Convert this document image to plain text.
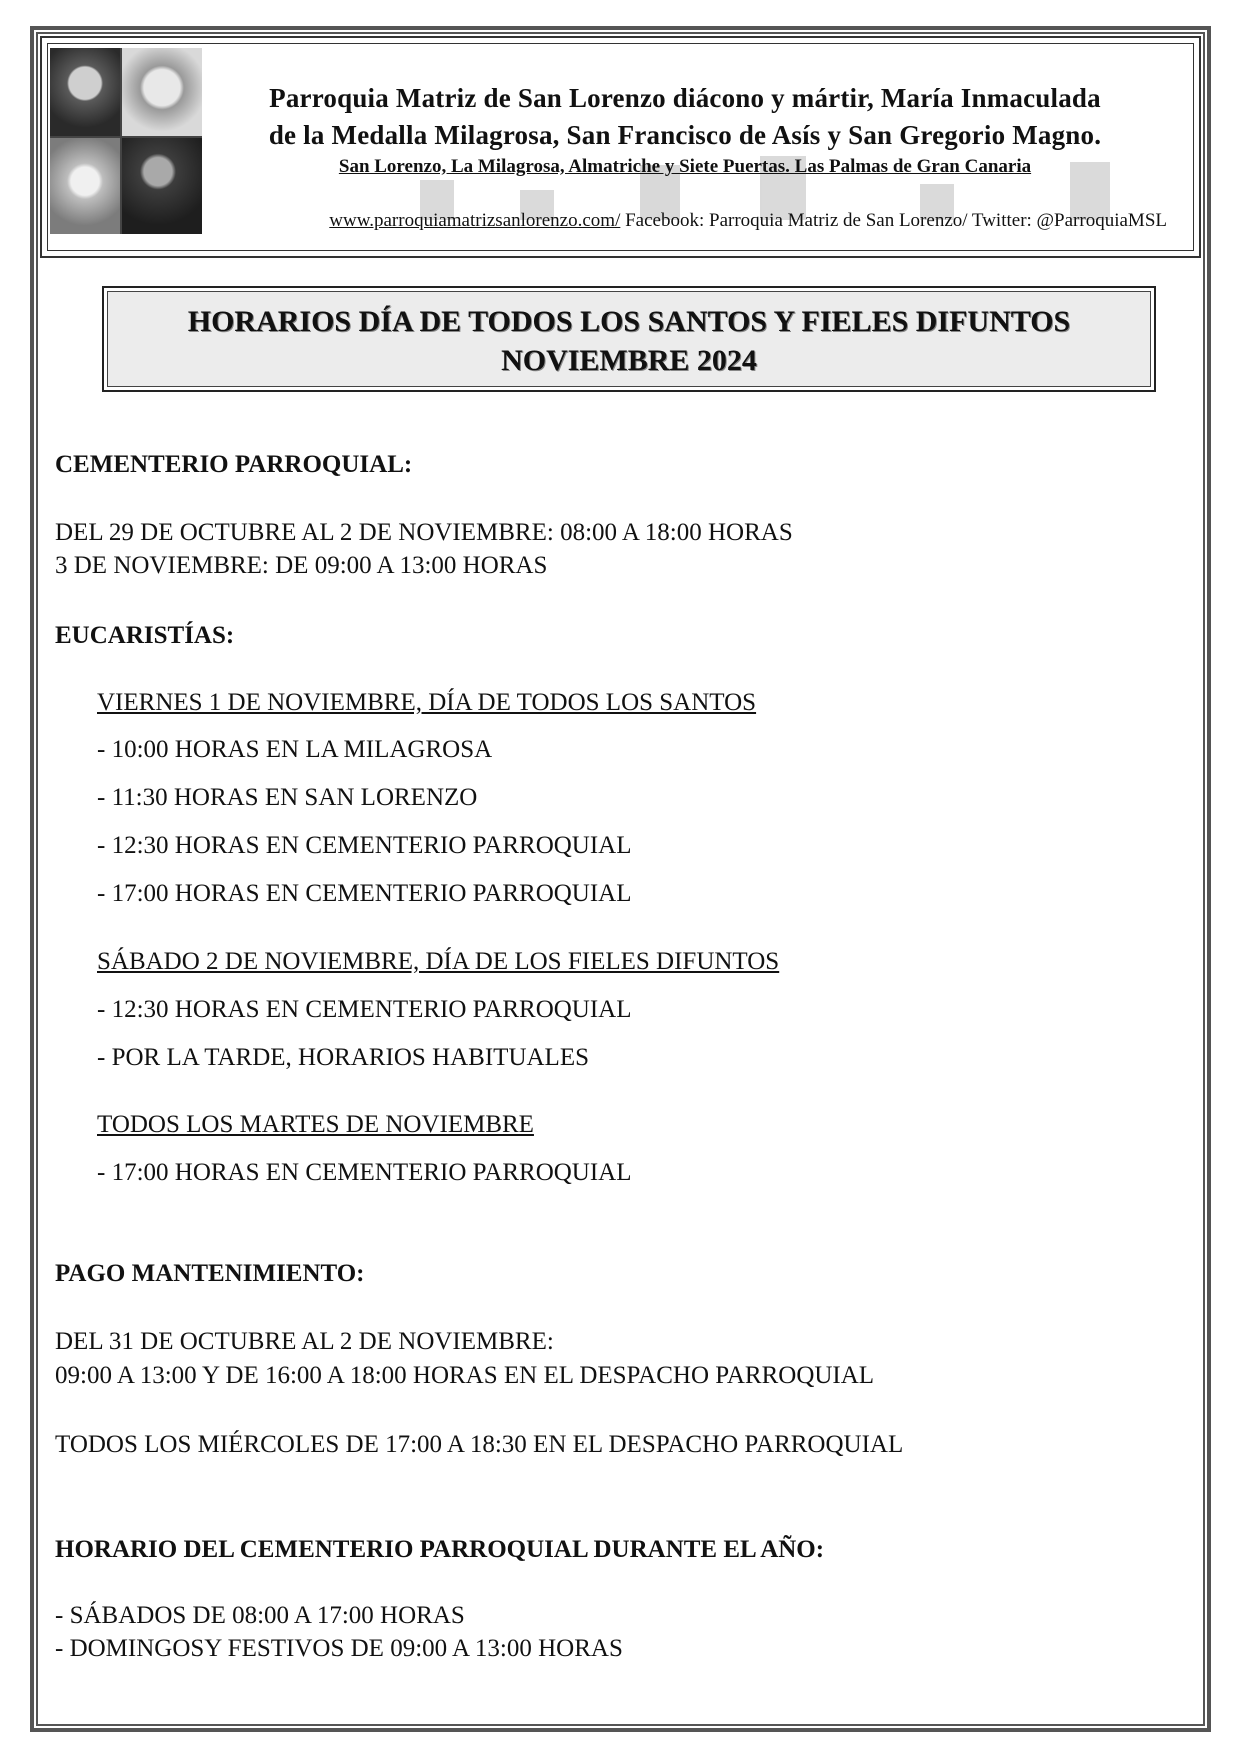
Parroquia Matriz de San Lorenzo diácono y mártir, María Inmaculada
de la Medalla Milagrosa, San Francisco de Asís y San Gregorio Magno.
San Lorenzo, La Milagrosa, Almatriche y Siete Puertas. Las Palmas de Gran Canaria
www.parroquiamatrizsanlorenzo.com/ Facebook: Parroquia Matriz de San Lorenzo/ Twitter: @ParroquiaMSL
HORARIOS DÍA DE TODOS LOS SANTOS Y FIELES DIFUNTOS
NOVIEMBRE 2024
CEMENTERIO PARROQUIAL:
DEL 29 DE OCTUBRE AL 2 DE NOVIEMBRE: 08:00 A 18:00 HORAS
3 DE NOVIEMBRE: DE 09:00 A 13:00 HORAS
EUCARISTÍAS:
VIERNES 1 DE NOVIEMBRE, DÍA DE TODOS LOS SANTOS
- 10:00 HORAS EN LA MILAGROSA
- 11:30 HORAS EN SAN LORENZO
- 12:30 HORAS EN CEMENTERIO PARROQUIAL
- 17:00 HORAS EN CEMENTERIO PARROQUIAL
SÁBADO 2 DE NOVIEMBRE, DÍA DE LOS FIELES DIFUNTOS
- 12:30 HORAS EN CEMENTERIO PARROQUIAL
- POR LA TARDE, HORARIOS HABITUALES
TODOS LOS MARTES DE NOVIEMBRE
- 17:00 HORAS EN CEMENTERIO PARROQUIAL
PAGO MANTENIMIENTO:
DEL 31 DE OCTUBRE AL 2 DE NOVIEMBRE:
09:00 A 13:00 Y DE 16:00 A 18:00 HORAS EN EL DESPACHO PARROQUIAL
TODOS LOS MIÉRCOLES DE 17:00 A 18:30 EN EL DESPACHO PARROQUIAL
HORARIO DEL CEMENTERIO PARROQUIAL DURANTE EL AÑO:
- SÁBADOS DE 08:00 A 17:00 HORAS
- DOMINGOSY FESTIVOS DE 09:00 A 13:00 HORAS
